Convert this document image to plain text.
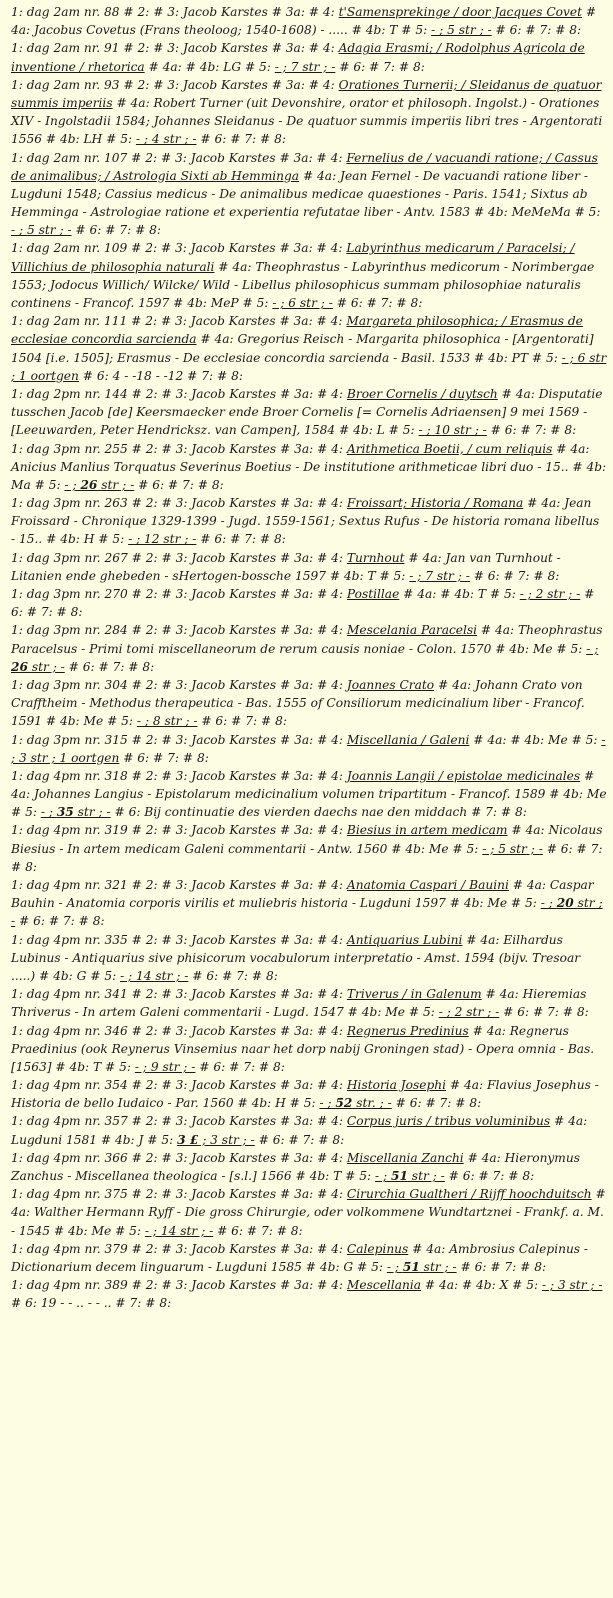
1: dag 2am nr. 88 # 2: # 3: Jacob Karstes # 3a: # 4: t'Samensprekinge / door Jacques Covet # 4a: Jacobus Covetus (Frans theoloog; 1540-1608) - ..... # 4b: T # 5: - ; 5 str ; - # 6: # 7: # 8:

1: dag 2am nr. 91 # 2: # 3: Jacob Karstes # 3a: # 4: Adagia Erasmi; / Rodolphus Agricola de inventione / rhetorica # 4a: # 4b: LG # 5: - ; 7 str ; - # 6: # 7: # 8:

1: dag 2am nr. 93 # 2: # 3: Jacob Karstes # 3a: # 4: Orationes Turnerii; / Sleidanus de quatuor summis imperiis # 4a: Robert Turner (uit Devonshire, orator et philosoph. Ingolst.) - Orationes XIV - Ingolstadii 1584; Johannes Sleidanus - De quatuor summis imperiis libri tres - Argentorati 1556 # 4b: LH # 5: - ; 4 str ; - # 6: # 7: # 8:

1: dag 2am nr. 107 # 2: # 3: Jacob Karstes # 3a: # 4: Fernelius de / vacuandi ratione; / Cassus de animalibus; / Astrologia Sixti ab Hemminga # 4a: Jean Fernel - De vacuandi ratione liber - Lugduni 1548; Cassius medicus - De animalibus medicae quaestiones - Paris. 1541; Sixtus ab Hemminga - Astrologiae ratione et experientia refutatae liber - Antv. 1583 # 4b: MeMeMa # 5: - ; 5 str ; - # 6: # 7: # 8:

1: dag 2am nr. 109 # 2: # 3: Jacob Karstes # 3a: # 4: Labyrinthus medicarum / Paracelsi; / Villichius de philosophia naturali # 4a: Theophrastus - Labyrinthus medicorum - Norimbergae 1553; Jodocus Willich/ Wilcke/ Wild - Libellus philosophicus summam philosophiae naturalis continens - Francof. 1597 # 4b: MeP # 5: - ; 6 str ; - # 6: # 7: # 8:

1: dag 2am nr. 111 # 2: # 3: Jacob Karstes # 3a: # 4: Margareta philosophica; / Erasmus de ecclesiae concordia sarcienda # 4a: Gregorius Reisch - Margarita philosophica - [Argentorati] 1504 [i.e. 1505]; Erasmus - De ecclesiae concordia sarcienda - Basil. 1533 # 4b: PT # 5: - ; 6 str ; 1 oortgen # 6: 4 - -18 - -12 # 7: # 8:

1: dag 2pm nr. 144 # 2: # 3: Jacob Karstes # 3a: # 4: Broer Cornelis / duytsch # 4a: Disputatie tusschen Jacob [de] Keersmaecker ende Broer Cornelis [= Cornelis Adriaensen] 9 mei 1569 - [Leeuwarden, Peter Hendricksz. van Campen], 1584 # 4b: L # 5: - ; 10 str ; - # 6: # 7: # 8:

1: dag 3pm nr. 255 # 2: # 3: Jacob Karstes # 3a: # 4: Arithmetica Boetii, / cum reliquis # 4a: Anicius Manlius Torquatus Severinus Boetius - De institutione arithmeticae libri duo - 15.. # 4b: Ma # 5: - ; 26 str ; - # 6: # 7: # 8:

1: dag 3pm nr. 263 # 2: # 3: Jacob Karstes # 3a: # 4: Froissart; Historia / Romana # 4a: Jean Froissard - Chronique 1329-1399 - Jugd. 1559-1561; Sextus Rufus - De historia romana libellus - 15.. # 4b: H # 5: - ; 12 str ; - # 6: # 7: # 8:

1: dag 3pm nr. 267 # 2: # 3: Jacob Karstes # 3a: # 4: Turnhout # 4a: Jan van Turnhout - Litanien ende ghebeden - sHertogen-bossche 1597 # 4b: T # 5: - ; 7 str ; - # 6: # 7: # 8:

1: dag 3pm nr. 270 # 2: # 3: Jacob Karstes # 3a: # 4: Postillae # 4a: # 4b: T # 5: - ; 2 str ; - # 6: # 7: # 8:

1: dag 3pm nr. 284 # 2: # 3: Jacob Karstes # 3a: # 4: Mescelania Paracelsi # 4a: Theophrastus Paracelsus - Primi tomi miscellaneorum de rerum causis noniae - Colon. 1570 # 4b: Me # 5: - ; 26 str ; - # 6: # 7: # 8:

1: dag 3pm nr. 304 # 2: # 3: Jacob Karstes # 3a: # 4: Joannes Crato # 4a: Johann Crato von Crafftheim - Methodus therapeutica - Bas. 1555 of Consiliorum medicinalium liber - Francof. 1591 # 4b: Me # 5: - ; 8 str ; - # 6: # 7: # 8:

1: dag 3pm nr. 315 # 2: # 3: Jacob Karstes # 3a: # 4: Miscellania / Galeni # 4a: # 4b: Me # 5: - ; 3 str ; 1 oortgen # 6: # 7: # 8:

1: dag 4pm nr. 318 # 2: # 3: Jacob Karstes # 3a: # 4: Joannis Langii / epistolae medicinales # 4a: Johannes Langius - Epistolarum medicinalium volumen tripartitum - Francof. 1589 # 4b: Me # 5: - ; 35 str ; - # 6: Bij continuatie des vierden daechs nae den middach # 7: # 8:

1: dag 4pm nr. 319 # 2: # 3: Jacob Karstes # 3a: # 4: Biesius in artem medicam # 4a: Nicolaus Biesius - In artem medicam Galeni commentarii - Antw. 1560 # 4b: Me # 5: - ; 5 str ; - # 6: # 7: # 8:

1: dag 4pm nr. 321 # 2: # 3: Jacob Karstes # 3a: # 4: Anatomia Caspari / Bauini # 4a: Caspar Bauhin - Anatomia corporis virilis et muliebris historia - Lugduni 1597 # 4b: Me # 5: - ; 20 str ; - # 6: # 7: # 8:

1: dag 4pm nr. 335 # 2: # 3: Jacob Karstes # 3a: # 4: Antiquarius Lubini # 4a: Eilhardus Lubinus - Antiquarius sive phisicorum vocabulorum interpretatio - Amst. 1594 (bijv. Tresoar .....) # 4b: G # 5: - ; 14 str ; - # 6: # 7: # 8:

1: dag 4pm nr. 341 # 2: # 3: Jacob Karstes # 3a: # 4: Triverus / in Galenum # 4a: Hieremias Thriverus - In artem Galeni commentarii - Lugd. 1547 # 4b: Me # 5: - ; 2 str ; - # 6: # 7: # 8:

1: dag 4pm nr. 346 # 2: # 3: Jacob Karstes # 3a: # 4: Regnerus Predinius # 4a: Regnerus Praedinius (ook Reynerus Vinsemius naar het dorp nabij Groningen stad) - Opera omnia - Bas. [1563] # 4b: T # 5: - ; 9 str ; - # 6: # 7: # 8:

1: dag 4pm nr. 354 # 2: # 3: Jacob Karstes # 3a: # 4: Historia Josephi # 4a: Flavius Josephus - Historia de bello Iudaico - Par. 1560 # 4b: H # 5: - ; 52 str. ; - # 6: # 7: # 8:

1: dag 4pm nr. 357 # 2: # 3: Jacob Karstes # 3a: # 4: Corpus juris / tribus voluminibus # 4a: Lugduni 1581 # 4b: J # 5: 3 £ ; 3 str ; - # 6: # 7: # 8:

1: dag 4pm nr. 366 # 2: # 3: Jacob Karstes # 3a: # 4: Miscellania Zanchi # 4a: Hieronymus Zanchus - Miscellanea theologica - [s.l.] 1566 # 4b: T # 5: - ; 51 str ; - # 6: # 7: # 8:

1: dag 4pm nr. 375 # 2: # 3: Jacob Karstes # 3a: # 4: Cirurchia Gualtheri / Rijff hoochduitsch # 4a: Walther Hermann Ryff - Die gross Chirurgie, oder volkommene Wundtartznei - Frankf. a. M. - 1545 # 4b: Me # 5: - ; 14 str ; - # 6: # 7: # 8:

1: dag 4pm nr. 379 # 2: # 3: Jacob Karstes # 3a: # 4: Calepinus # 4a: Ambrosius Calepinus - Dictionarium decem linguarum - Lugduni 1585 # 4b: G # 5: - ; 51 str ; - # 6: # 7: # 8:

1: dag 4pm nr. 389 # 2: # 3: Jacob Karstes # 3a: # 4: Mescellania # 4a: # 4b: X # 5: - ; 3 str ; - # 6: 19 - - .. - - .. # 7: # 8:
